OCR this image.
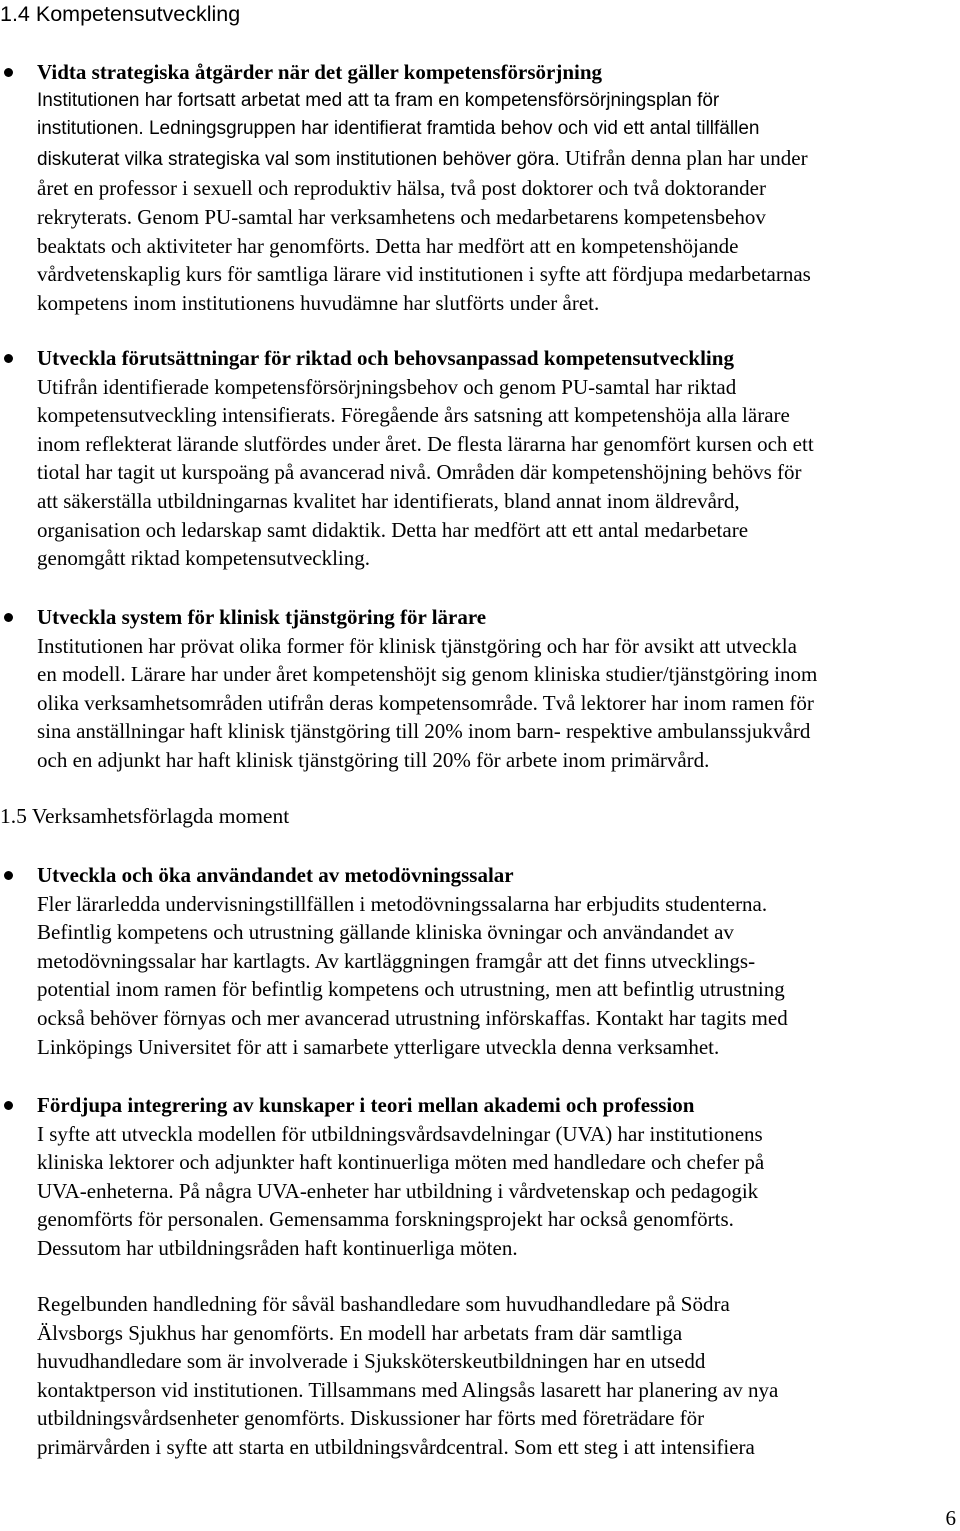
1.4 Kompetensutveckling
Vidta strategiska åtgärder när det gäller kompetensförsörjning
Institutionen har fortsatt arbetat med att ta fram en kompetensförsörjningsplan för
institutionen. Ledningsgruppen har identifierat framtida behov och vid ett antal tillfällen
diskuterat vilka strategiska val som institutionen behöver göra. Utifrån denna plan har under
året en professor i sexuell och reproduktiv hälsa, två post doktorer och två doktorander
rekryterats. Genom PU-samtal har verksamhetens och medarbetarens kompetensbehov
beaktats och aktiviteter har genomförts. Detta har medfört att en kompetenshöjande
vårdvetenskaplig kurs för samtliga lärare vid institutionen i syfte att fördjupa medarbetarnas
kompetens inom institutionens huvudämne har slutförts under året.
Utveckla förutsättningar för riktad och behovsanpassad kompetensutveckling
Utifrån identifierade kompetensförsörjningsbehov och genom PU-samtal har riktad
kompetensutveckling intensifierats. Föregående års satsning att kompetenshöja alla lärare
inom reflekterat lärande slutfördes under året. De flesta lärarna har genomfört kursen och ett
tiotal har tagit ut kurspoäng på avancerad nivå. Områden där kompetenshöjning behövs för
att säkerställa utbildningarnas kvalitet har identifierats, bland annat inom äldrevård,
organisation och ledarskap samt didaktik. Detta har medfört att ett antal medarbetare
genomgått riktad kompetensutveckling.
Utveckla system för klinisk tjänstgöring för lärare
Institutionen har prövat olika former för klinisk tjänstgöring och har för avsikt att utveckla
en modell. Lärare har under året kompetenshöjt sig genom kliniska studier/tjänstgöring inom
olika verksamhetsområden utifrån deras kompetensområde. Två lektorer har inom ramen för
sina anställningar haft klinisk tjänstgöring till 20% inom barn- respektive ambulanssjukvård
och en adjunkt har haft klinisk tjänstgöring till 20% för arbete inom primärvård.
1.5 Verksamhetsförlagda moment
Utveckla och öka användandet av metodövningssalar
Fler lärarledda undervisningstillfällen i metodövningssalarna har erbjudits studenterna.
Befintlig kompetens och utrustning gällande kliniska övningar och användandet av
metodövningssalar har kartlagts. Av kartläggningen framgår att det finns utvecklings-
potential inom ramen för befintlig kompetens och utrustning, men att befintlig utrustning
också behöver förnyas och mer avancerad utrustning införskaffas. Kontakt har tagits med
Linköpings Universitet för att i samarbete ytterligare utveckla denna verksamhet.
Fördjupa integrering av kunskaper i teori mellan akademi och profession
I syfte att utveckla modellen för utbildningsvårdsavdelningar (UVA) har institutionens
kliniska lektorer och adjunkter haft kontinuerliga möten med handledare och chefer på
UVA-enheterna. På några UVA-enheter har utbildning i vårdvetenskap och pedagogik
genomförts för personalen. Gemensamma forskningsprojekt har också genomförts.
Dessutom har utbildningsråden haft kontinuerliga möten.
Regelbunden handledning för såväl bashandledare som huvudhandledare på Södra
Älvsborgs Sjukhus har genomförts. En modell har arbetats fram där samtliga
huvudhandledare som är involverade i Sjuksköterskeutbildningen har en utsedd
kontaktperson vid institutionen. Tillsammans med Alingsås lasarett har planering av nya
utbildningsvårdsenheter genomförts. Diskussioner har förts med företrädare för
primärvården i syfte att starta en utbildningsvårdcentral. Som ett steg i att intensifiera
6
